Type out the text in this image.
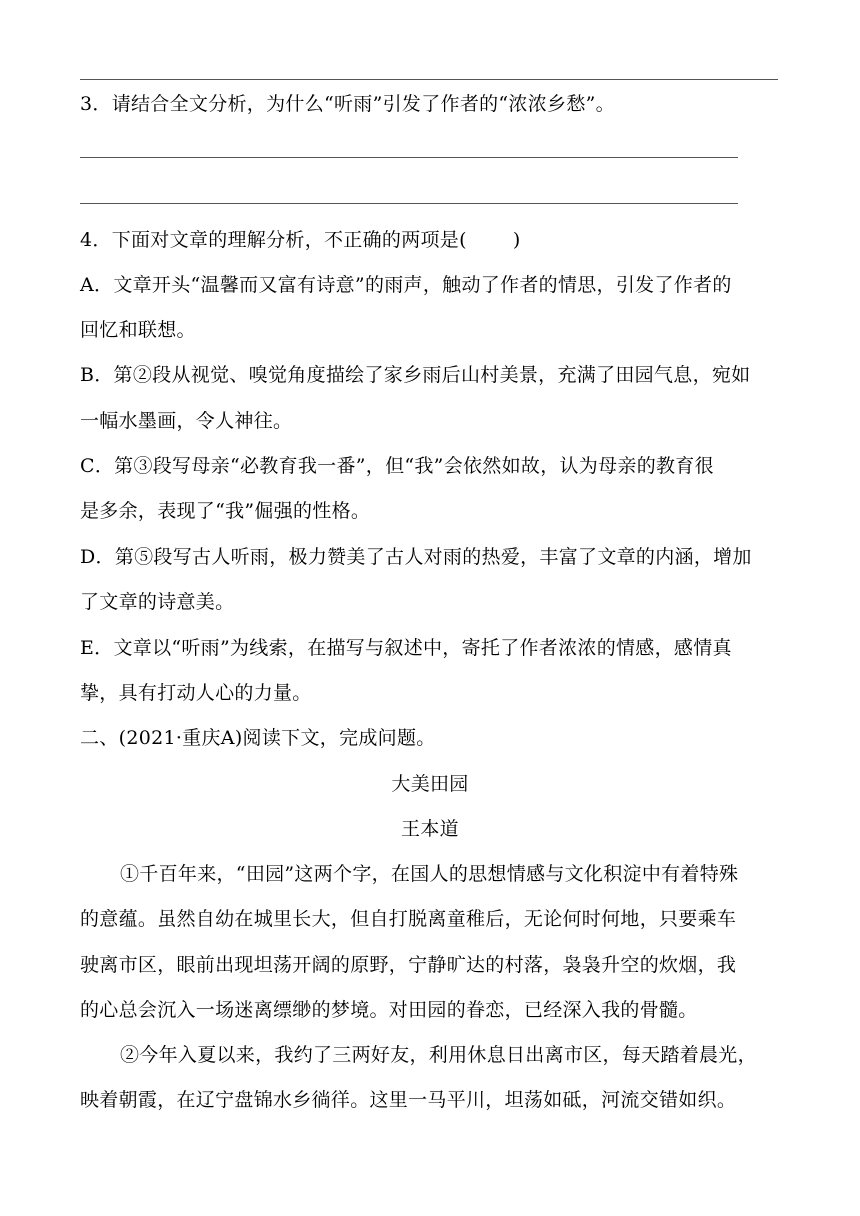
3．请结合全文分析，为什么“听雨”引发了作者的“浓浓乡愁”。
4．下面对文章的理解分析，不正确的两项是( )
A．文章开头“温馨而又富有诗意”的雨声，触动了作者的情思，引发了作者的
回忆和联想。
B．第②段从视觉、嗅觉角度描绘了家乡雨后山村美景，充满了田园气息，宛如
一幅水墨画，令人神往。
C．第③段写母亲“必教育我一番”，但“我”会依然如故，认为母亲的教育很
是多余，表现了“我”倔强的性格。
D．第⑤段写古人听雨，极力赞美了古人对雨的热爱，丰富了文章的内涵，增加
了文章的诗意美。
E．文章以“听雨”为线索，在描写与叙述中，寄托了作者浓浓的情感，感情真
挚，具有打动人心的力量。
二、(2021·重庆A)阅读下文，完成问题。
大美田园
王本道
①千百年来，“田园”这两个字，在国人的思想情感与文化积淀中有着特殊
的意蕴。虽然自幼在城里长大，但自打脱离童稚后，无论何时何地，只要乘车
驶离市区，眼前出现坦荡开阔的原野，宁静旷达的村落，袅袅升空的炊烟，我
的心总会沉入一场迷离缥缈的梦境。对田园的眷恋，已经深入我的骨髓。
②今年入夏以来，我约了三两好友，利用休息日出离市区，每天踏着晨光，
映着朝霞，在辽宁盘锦水乡徜徉。这里一马平川，坦荡如砥，河流交错如织。
